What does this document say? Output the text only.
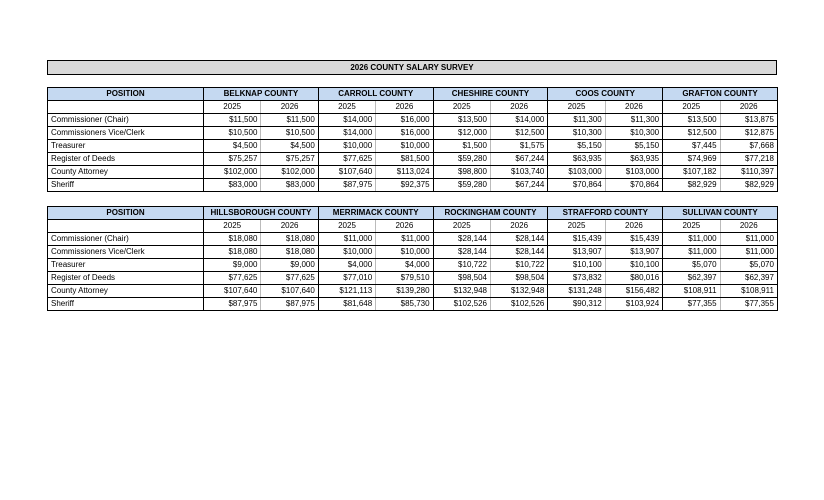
2026 COUNTY SALARY SURVEY
POSITION	BELKNAP COUNTY		CARROLL COUNTY		CHESHIRE COUNTY		COOS COUNTY		GRAFTON COUNTY	
	2025	2026	2025	2026	2025	2026	2025	2026	2025	2026
Commissioner (Chair)	$11,500	$11,500	$14,000	$16,000	$13,500	$14,000	$11,300	$11,300	$13,500	$13,875
Commissioners Vice/Clerk	$10,500	$10,500	$14,000	$16,000	$12,000	$12,500	$10,300	$10,300	$12,500	$12,875
Treasurer	$4,500	$4,500	$10,000	$10,000	$1,500	$1,575	$5,150	$5,150	$7,445	$7,668
Register of Deeds	$75,257	$75,257	$77,625	$81,500	$59,280	$67,244	$63,935	$63,935	$74,969	$77,218
County Attorney	$102,000	$102,000	$107,640	$113,024	$98,800	$103,740	$103,000	$103,000	$107,182	$110,397
Sheriff	$83,000	$83,000	$87,975	$92,375	$59,280	$67,244	$70,864	$70,864	$82,929	$82,929
POSITION	HILLSBOROUGH COUNTY		MERRIMACK COUNTY		ROCKINGHAM COUNTY		STRAFFORD COUNTY		SULLIVAN COUNTY	
	2025	2026	2025	2026	2025	2026	2025	2026	2025	2026
Commissioner (Chair)	$18,080	$18,080	$11,000	$11,000	$28,144	$28,144	$15,439	$15,439	$11,000	$11,000
Commissioners Vice/Clerk	$18,080	$18,080	$10,000	$10,000	$28,144	$28,144	$13,907	$13,907	$11,000	$11,000
Treasurer	$9,000	$9,000	$4,000	$4,000	$10,722	$10,722	$10,100	$10,100	$5,070	$5,070
Register of Deeds	$77,625	$77,625	$77,010	$79,510	$98,504	$98,504	$73,832	$80,016	$62,397	$62,397
County Attorney	$107,640	$107,640	$121,113	$139,280	$132,948	$132,948	$131,248	$156,482	$108,911	$108,911
Sheriff	$87,975	$87,975	$81,648	$85,730	$102,526	$102,526	$90,312	$103,924	$77,355	$77,355
